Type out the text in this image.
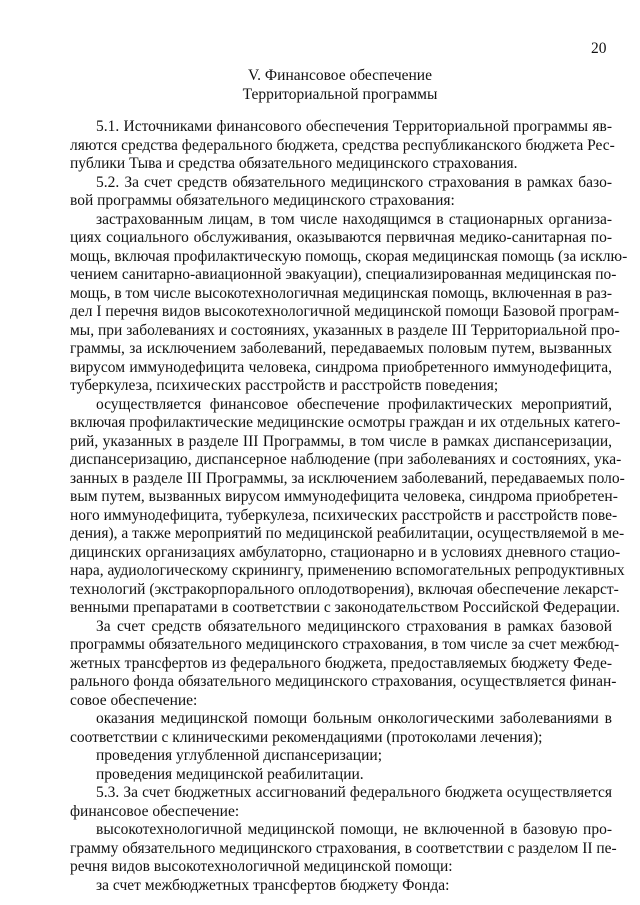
20
V. Финансовое обеспечение
Территориальной программы
5.1. Источниками финансового обеспечения Территориальной программы яв-
ляются средства федерального бюджета, средства республиканского бюджета Рес-
публики Тыва и средства обязательного медицинского страхования.
5.2. За счет средств обязательного медицинского страхования в рамках базо-
вой программы обязательного медицинского страхования:
застрахованным лицам, в том числе находящимся в стационарных организа-
циях социального обслуживания, оказываются первичная медико-санитарная по-
мощь, включая профилактическую помощь, скорая медицинская помощь (за исклю-
чением санитарно-авиационной эвакуации), специализированная медицинская по-
мощь, в том числе высокотехнологичная медицинская помощь, включенная в раз-
дел I перечня видов высокотехнологичной медицинской помощи Базовой програм-
мы, при заболеваниях и состояниях, указанных в разделе III Территориальной про-
граммы, за исключением заболеваний, передаваемых половым путем, вызванных
вирусом иммунодефицита человека, синдрома приобретенного иммунодефицита,
туберкулеза, психических расстройств и расстройств поведения;
осуществляется финансовое обеспечение профилактических мероприятий,
включая профилактические медицинские осмотры граждан и их отдельных катего-
рий, указанных в разделе III Программы, в том числе в рамках диспансеризации,
диспансеризацию, диспансерное наблюдение (при заболеваниях и состояниях, ука-
занных в разделе III Программы, за исключением заболеваний, передаваемых поло-
вым путем, вызванных вирусом иммунодефицита человека, синдрома приобретен-
ного иммунодефицита, туберкулеза, психических расстройств и расстройств пове-
дения), а также мероприятий по медицинской реабилитации, осуществляемой в ме-
дицинских организациях амбулаторно, стационарно и в условиях дневного стацио-
нара, аудиологическому скринингу, применению вспомогательных репродуктивных
технологий (экстракорпорального оплодотворения), включая обеспечение лекарст-
венными препаратами в соответствии с законодательством Российской Федерации.
За счет средств обязательного медицинского страхования в рамках базовой
программы обязательного медицинского страхования, в том числе за счет межбюд-
жетных трансфертов из федерального бюджета, предоставляемых бюджету Феде-
рального фонда обязательного медицинского страхования, осуществляется финан-
совое обеспечение:
оказания медицинской помощи больным онкологическими заболеваниями в
соответствии с клиническими рекомендациями (протоколами лечения);
проведения углубленной диспансеризации;
проведения медицинской реабилитации.
5.3. За счет бюджетных ассигнований федерального бюджета осуществляется
финансовое обеспечение:
высокотехнологичной медицинской помощи, не включенной в базовую про-
грамму обязательного медицинского страхования, в соответствии с разделом II пе-
речня видов высокотехнологичной медицинской помощи:
за счет межбюджетных трансфертов бюджету Фонда:
